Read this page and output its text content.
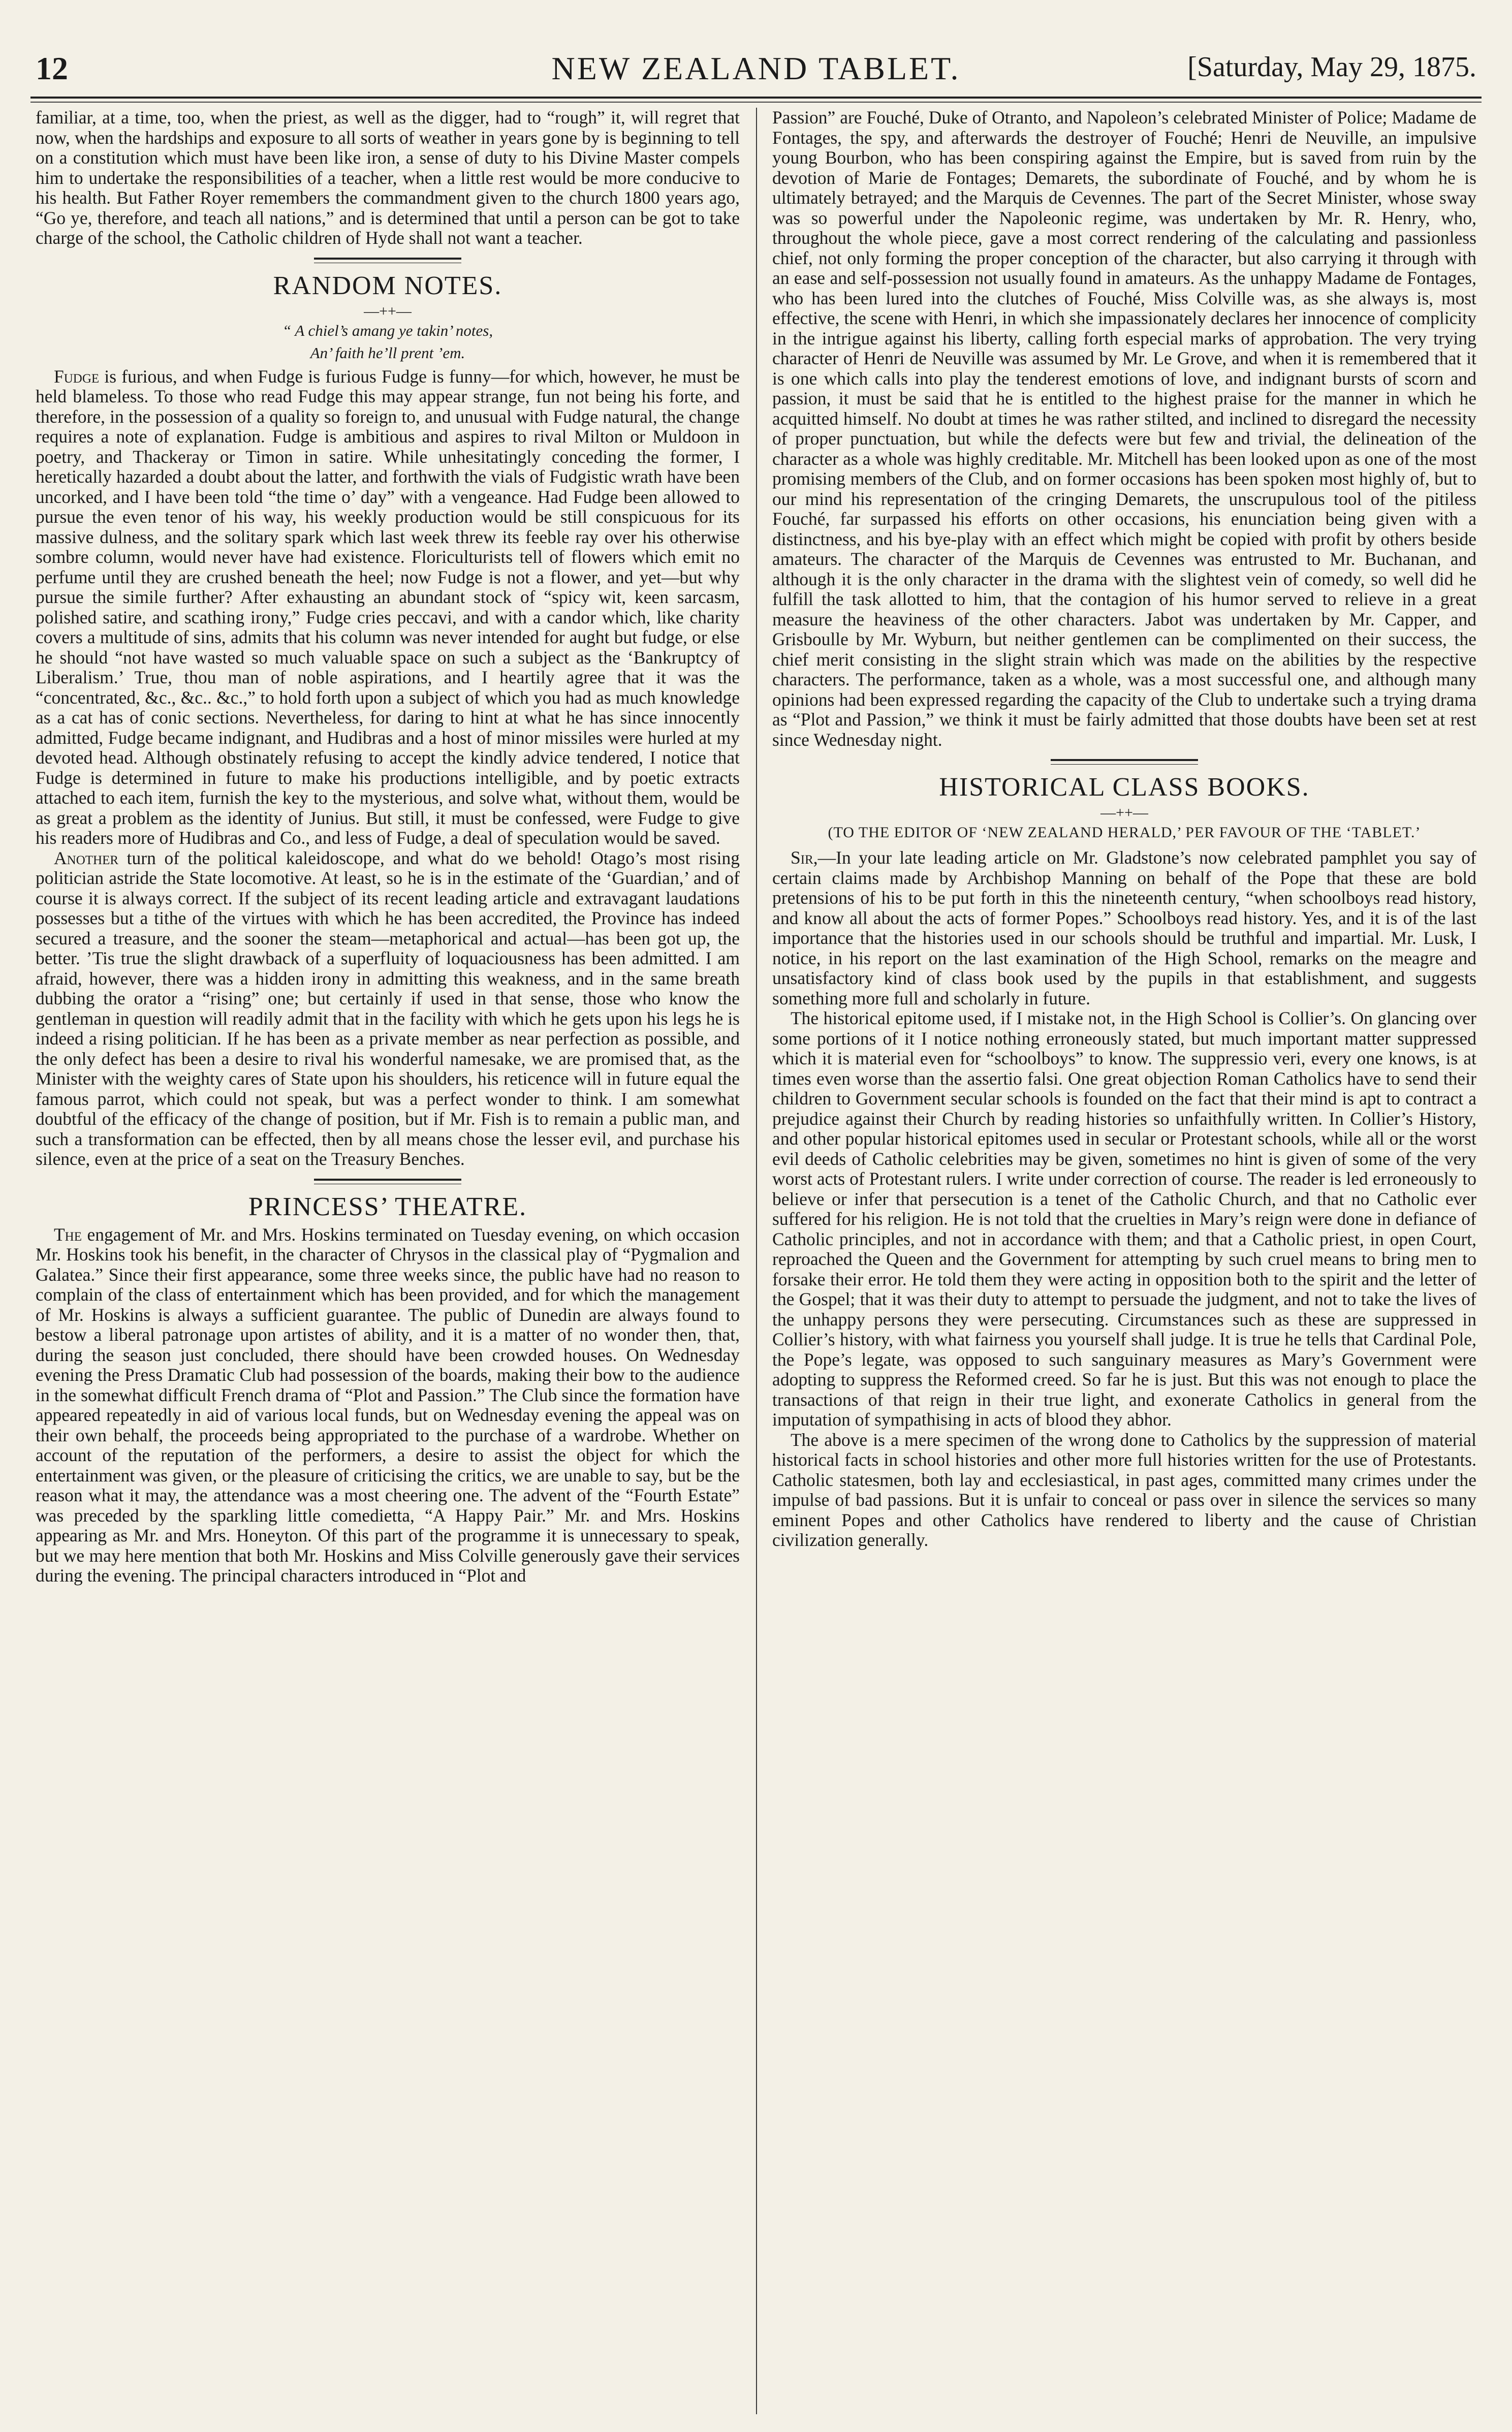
12	NEW ZEALAND TABLET.	[Saturday, May 29, 1875.

familiar, at a time, too, when the priest, as well as the digger, had to “rough” it, will regret that now, when the hardships and exposure to all sorts of weather in years gone by is beginning to tell on a constitution which must have been like iron, a sense of duty to his Divine Master compels him to undertake the responsibilities of a teacher, when a little rest would be more conducive to his health. But Father Royer remembers the commandment given to the church 1800 years ago, “Go ye, therefore, and teach all nations,” and is determined that until a person can be got to take charge of the school, the Catholic children of Hyde shall not want a teacher.

RANDOM NOTES.
—++—
“ A chiel’s amang ye takin’ notes,
An’ faith he’ll prent ’em.

Fudge is furious, and when Fudge is furious Fudge is funny—for which, however, he must be held blameless. To those who read Fudge this may appear strange, fun not being his forte, and therefore, in the possession of a quality so foreign to, and unusual with Fudge natural, the change requires a note of explanation. Fudge is ambitious and aspires to rival Milton or Muldoon in poetry, and Thackeray or Timon in satire. While unhesitatingly conceding the former, I heretically hazarded a doubt about the latter, and forthwith the vials of Fudgistic wrath have been uncorked, and I have been told “the time o’ day” with a vengeance. Had Fudge been allowed to pursue the even tenor of his way, his weekly production would be still conspicuous for its massive dulness, and the solitary spark which last week threw its feeble ray over his otherwise sombre column, would never have had existence. Floriculturists tell of flowers which emit no perfume until they are crushed beneath the heel; now Fudge is not a flower, and yet—but why pursue the simile further? After exhausting an abundant stock of “spicy wit, keen sarcasm, polished satire, and scathing irony,” Fudge cries peccavi, and with a candor which, like charity covers a multitude of sins, admits that his column was never intended for aught but fudge, or else he should “not have wasted so much valuable space on such a subject as the ‘Bankruptcy of Liberalism.’ True, thou man of noble aspirations, and I heartily agree that it was the “concentrated, &c., &c.. &c.,” to hold forth upon a subject of which you had as much knowledge as a cat has of conic sections. Nevertheless, for daring to hint at what he has since innocently admitted, Fudge became indignant, and Hudibras and a host of minor missiles were hurled at my devoted head. Although obstinately refusing to accept the kindly advice tendered, I notice that Fudge is determined in future to make his productions intelligible, and by poetic extracts attached to each item, furnish the key to the mysterious, and solve what, without them, would be as great a problem as the identity of Junius. But still, it must be confessed, were Fudge to give his readers more of Hudibras and Co., and less of Fudge, a deal of speculation would be saved.

Another turn of the political kaleidoscope, and what do we behold! Otago’s most rising politician astride the State locomotive. At least, so he is in the estimate of the ‘Guardian,’ and of course it is always correct. If the subject of its recent leading article and extravagant laudations possesses but a tithe of the virtues with which he has been accredited, the Province has indeed secured a treasure, and the sooner the steam—metaphorical and actual—has been got up, the better. ’Tis true the slight drawback of a superfluity of loquaciousness has been admitted. I am afraid, however, there was a hidden irony in admitting this weakness, and in the same breath dubbing the orator a “rising” one; but certainly if used in that sense, those who know the gentleman in question will readily admit that in the facility with which he gets upon his legs he is indeed a rising politician. If he has been as a private member as near perfection as possible, and the only defect has been a desire to rival his wonderful namesake, we are promised that, as the Minister with the weighty cares of State upon his shoulders, his reticence will in future equal the famous parrot, which could not speak, but was a perfect wonder to think. I am somewhat doubtful of the efficacy of the change of position, but if Mr. Fish is to remain a public man, and such a transformation can be effected, then by all means chose the lesser evil, and purchase his silence, even at the price of a seat on the Treasury Benches.

PRINCESS’ THEATRE.

The engagement of Mr. and Mrs. Hoskins terminated on Tuesday evening, on which occasion Mr. Hoskins took his benefit, in the character of Chrysos in the classical play of “Pygmalion and Galatea.” Since their first appearance, some three weeks since, the public have had no reason to complain of the class of entertainment which has been provided, and for which the management of Mr. Hoskins is always a sufficient guarantee. The public of Dunedin are always found to bestow a liberal patronage upon artistes of ability, and it is a matter of no wonder then, that, during the season just concluded, there should have been crowded houses. On Wednesday evening the Press Dramatic Club had possession of the boards, making their bow to the audience in the somewhat difficult French drama of “Plot and Passion.” The Club since the formation have appeared repeatedly in aid of various local funds, but on Wednesday evening the appeal was on their own behalf, the proceeds being appropriated to the purchase of a wardrobe. Whether on account of the reputation of the performers, a desire to assist the object for which the entertainment was given, or the pleasure of criticising the critics, we are unable to say, but be the reason what it may, the attendance was a most cheering one. The advent of the “Fourth Estate” was preceded by the sparkling little comedietta, “A Happy Pair.” Mr. and Mrs. Hoskins appearing as Mr. and Mrs. Honeyton. Of this part of the programme it is unnecessary to speak, but we may here mention that both Mr. Hoskins and Miss Colville generously gave their services during the evening. The principal characters introduced in “Plot and

Passion” are Fouché, Duke of Otranto, and Napoleon’s celebrated Minister of Police; Madame de Fontages, the spy, and afterwards the destroyer of Fouché; Henri de Neuville, an impulsive young Bourbon, who has been conspiring against the Empire, but is saved from ruin by the devotion of Marie de Fontages; Demarets, the subordinate of Fouché, and by whom he is ultimately betrayed; and the Marquis de Cevennes. The part of the Secret Minister, whose sway was so powerful under the Napoleonic regime, was undertaken by Mr. R. Henry, who, throughout the whole piece, gave a most correct rendering of the calculating and passionless chief, not only forming the proper conception of the character, but also carrying it through with an ease and self-possession not usually found in amateurs. As the unhappy Madame de Fontages, who has been lured into the clutches of Fouché, Miss Colville was, as she always is, most effective, the scene with Henri, in which she impassionately declares her innocence of complicity in the intrigue against his liberty, calling forth especial marks of approbation. The very trying character of Henri de Neuville was assumed by Mr. Le Grove, and when it is remembered that it is one which calls into play the tenderest emotions of love, and indignant bursts of scorn and passion, it must be said that he is entitled to the highest praise for the manner in which he acquitted himself. No doubt at times he was rather stilted, and inclined to disregard the necessity of proper punctuation, but while the defects were but few and trivial, the delineation of the character as a whole was highly creditable. Mr. Mitchell has been looked upon as one of the most promising members of the Club, and on former occasions has been spoken most highly of, but to our mind his representation of the cringing Demarets, the unscrupulous tool of the pitiless Fouché, far surpassed his efforts on other occasions, his enunciation being given with a distinctness, and his bye-play with an effect which might be copied with profit by others beside amateurs. The character of the Marquis de Cevennes was entrusted to Mr. Buchanan, and although it is the only character in the drama with the slightest vein of comedy, so well did he fulfill the task allotted to him, that the contagion of his humor served to relieve in a great measure the heaviness of the other characters. Jabot was undertaken by Mr. Capper, and Grisboulle by Mr. Wyburn, but neither gentlemen can be complimented on their success, the chief merit consisting in the slight strain which was made on the abilities by the respective characters. The performance, taken as a whole, was a most successful one, and although many opinions had been expressed regarding the capacity of the Club to undertake such a trying drama as “Plot and Passion,” we think it must be fairly admitted that those doubts have been set at rest since Wednesday night.

HISTORICAL CLASS BOOKS.
—++—
(TO THE EDITOR OF ‘NEW ZEALAND HERALD,’ PER FAVOUR OF THE ‘TABLET.’

Sir,—In your late leading article on Mr. Gladstone’s now celebrated pamphlet you say of certain claims made by Archbishop Manning on behalf of the Pope that these are bold pretensions of his to be put forth in this the nineteenth century, “when schoolboys read history, and know all about the acts of former Popes.” Schoolboys read history. Yes, and it is of the last importance that the histories used in our schools should be truthful and impartial. Mr. Lusk, I notice, in his report on the last examination of the High School, remarks on the meagre and unsatisfactory kind of class book used by the pupils in that establishment, and suggests something more full and scholarly in future.

The historical epitome used, if I mistake not, in the High School is Collier’s. On glancing over some portions of it I notice nothing erroneously stated, but much important matter suppressed which it is material even for “schoolboys” to know. The suppressio veri, every one knows, is at times even worse than the assertio falsi. One great objection Roman Catholics have to send their children to Government secular schools is founded on the fact that their mind is apt to contract a prejudice against their Church by reading histories so unfaithfully written. In Collier’s History, and other popular historical epitomes used in secular or Protestant schools, while all or the worst evil deeds of Catholic celebrities may be given, sometimes no hint is given of some of the very worst acts of Protestant rulers. I write under correction of course. The reader is led erroneously to believe or infer that persecution is a tenet of the Catholic Church, and that no Catholic ever suffered for his religion. He is not told that the cruelties in Mary’s reign were done in defiance of Catholic principles, and not in accordance with them; and that a Catholic priest, in open Court, reproached the Queen and the Government for attempting by such cruel means to bring men to forsake their error. He told them they were acting in opposition both to the spirit and the letter of the Gospel; that it was their duty to attempt to persuade the judgment, and not to take the lives of the unhappy persons they were persecuting. Circumstances such as these are suppressed in Collier’s history, with what fairness you yourself shall judge. It is true he tells that Cardinal Pole, the Pope’s legate, was opposed to such sanguinary measures as Mary’s Government were adopting to suppress the Reformed creed. So far he is just. But this was not enough to place the transactions of that reign in their true light, and exonerate Catholics in general from the imputation of sympathising in acts of blood they abhor.

The above is a mere specimen of the wrong done to Catholics by the suppression of material historical facts in school histories and other more full histories written for the use of Protestants. Catholic statesmen, both lay and ecclesiastical, in past ages, committed many crimes under the impulse of bad passions. But it is unfair to conceal or pass over in silence the services so many eminent Popes and other Catholics have rendered to liberty and the cause of Christian civilization generally.
